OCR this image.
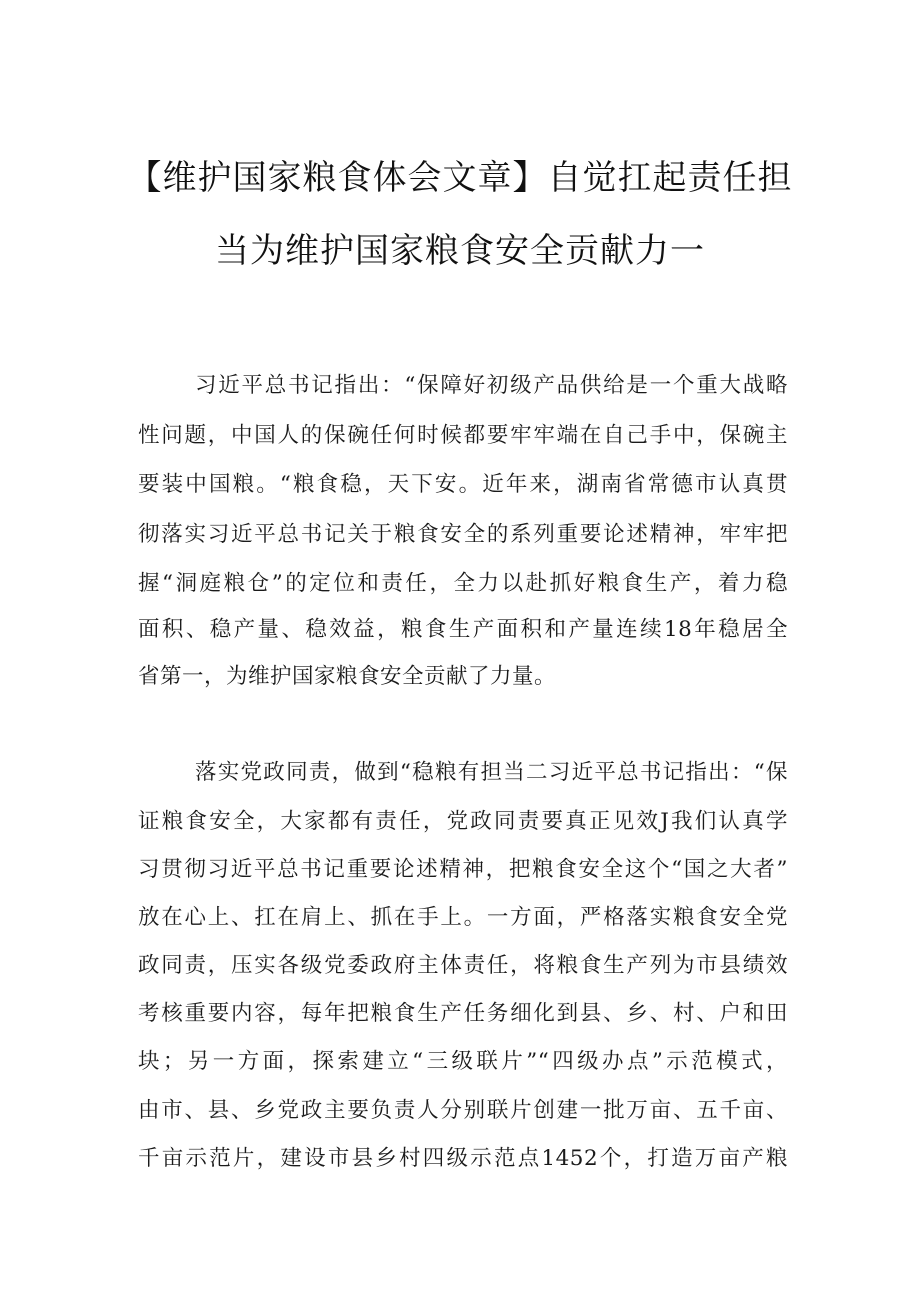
【维护国家粮食体会文章】自觉扛起责任担
当为维护国家粮食安全贡献力一
习近平总书记指出：“保障好初级产品供给是一个重大战略
性问题，中国人的保碗任何时候都要牢牢端在自己手中，保碗主
要装中国粮。“粮食稳，天下安。近年来，湖南省常德市认真贯
彻落实习近平总书记关于粮食安全的系列重要论述精神，牢牢把
握“洞庭粮仓”的定位和责任，全力以赴抓好粮食生产，着力稳
面积、稳产量、稳效益，粮食生产面积和产量连续18年稳居全
省第一，为维护国家粮食安全贡献了力量。
落实党政同责，做到“稳粮有担当二习近平总书记指出：“保
证粮食安全，大家都有责任，党政同责要真正见效J我们认真学
习贯彻习近平总书记重要论述精神，把粮食安全这个“国之大者”
放在心上、扛在肩上、抓在手上。一方面，严格落实粮食安全党
政同责，压实各级党委政府主体责任，将粮食生产列为市县绩效
考核重要内容，每年把粮食生产任务细化到县、乡、村、户和田
块；另一方面，探索建立“三级联片”“四级办点”示范模式，
由市、县、乡党政主要负责人分别联片创建一批万亩、五千亩、
千亩示范片，建设市县乡村四级示范点1452个，打造万亩产粮
